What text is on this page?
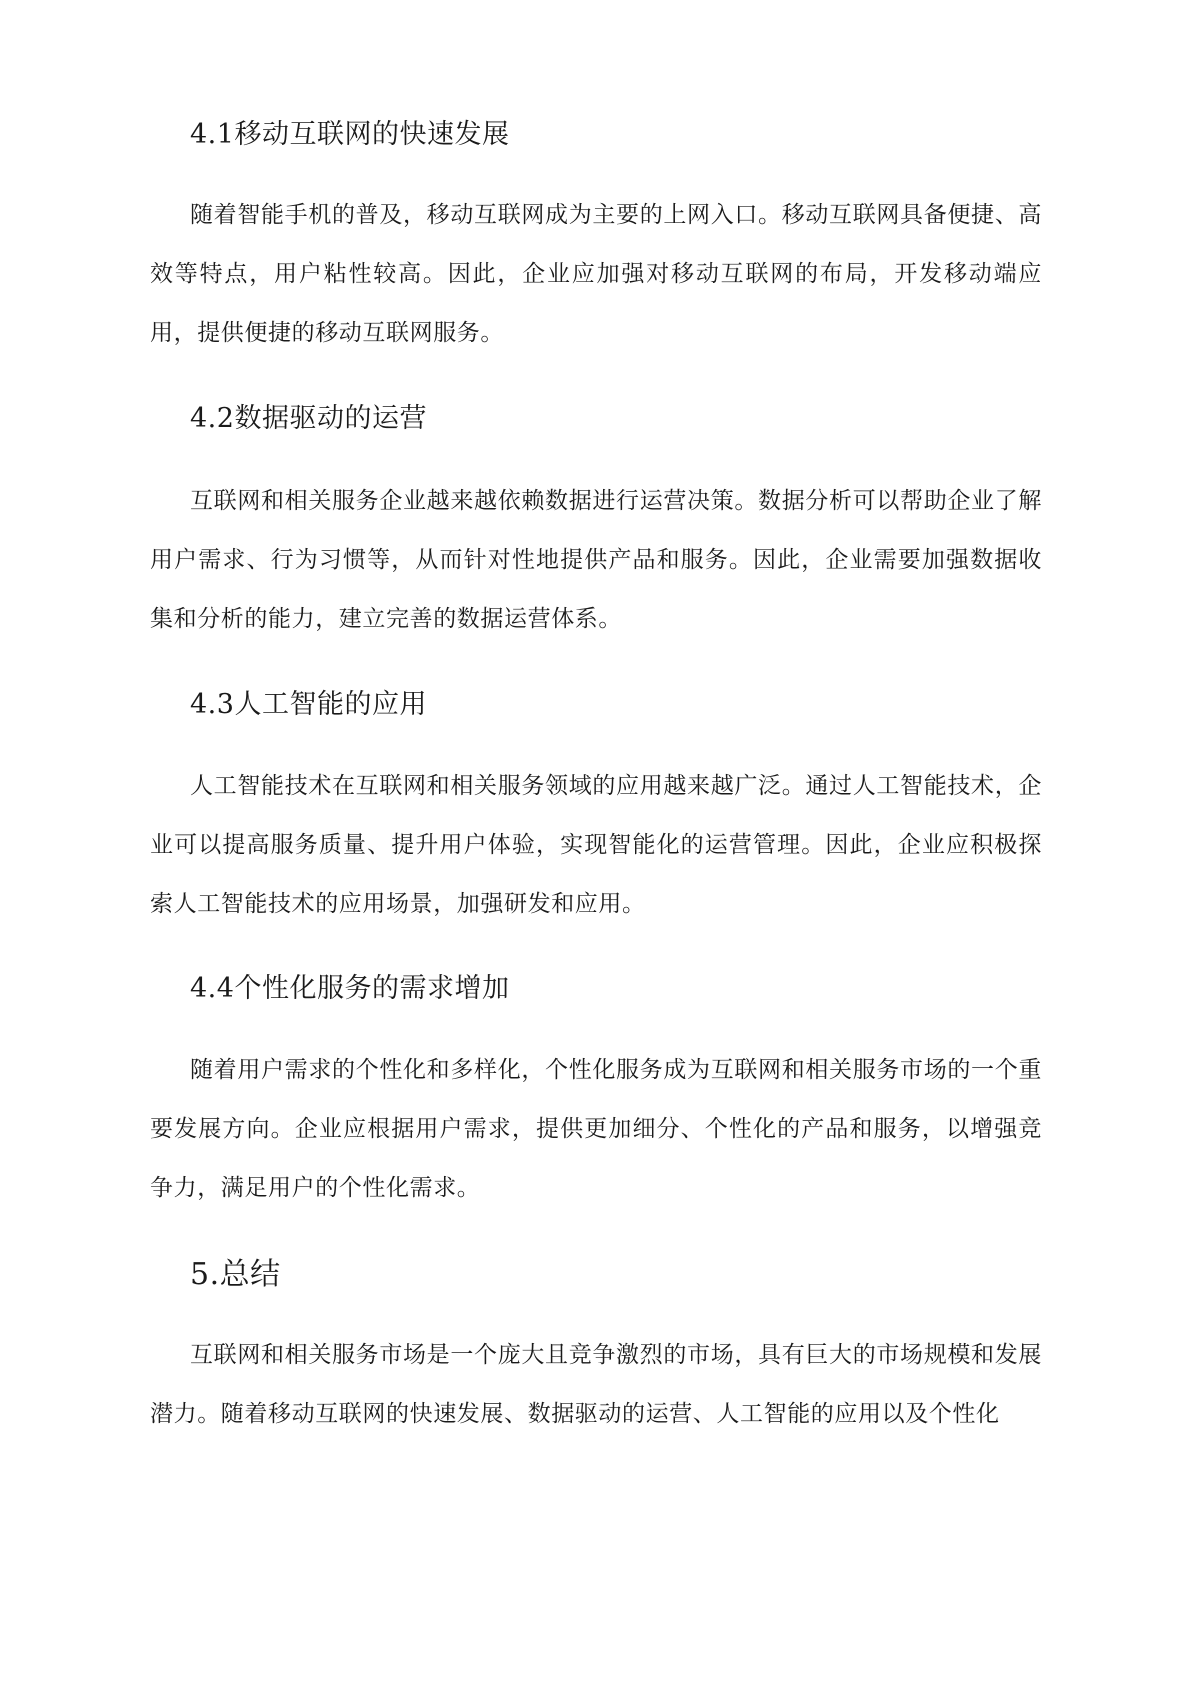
4.1移动互联网的快速发展

随着智能手机的普及，移动互联网成为主要的上网入口。移动互联网具备便捷、高效等特点，用户粘性较高。因此，企业应加强对移动互联网的布局，开发移动端应用，提供便捷的移动互联网服务。

4.2数据驱动的运营

互联网和相关服务企业越来越依赖数据进行运营决策。数据分析可以帮助企业了解用户需求、行为习惯等，从而针对性地提供产品和服务。因此，企业需要加强数据收集和分析的能力，建立完善的数据运营体系。

4.3人工智能的应用

人工智能技术在互联网和相关服务领域的应用越来越广泛。通过人工智能技术，企业可以提高服务质量、提升用户体验，实现智能化的运营管理。因此，企业应积极探索人工智能技术的应用场景，加强研发和应用。

4.4个性化服务的需求增加

随着用户需求的个性化和多样化，个性化服务成为互联网和相关服务市场的一个重要发展方向。企业应根据用户需求，提供更加细分、个性化的产品和服务，以增强竞争力，满足用户的个性化需求。

5.总结

互联网和相关服务市场是一个庞大且竞争激烈的市场，具有巨大的市场规模和发展潜力。随着移动互联网的快速发展、数据驱动的运营、人工智能的应用以及个性化
